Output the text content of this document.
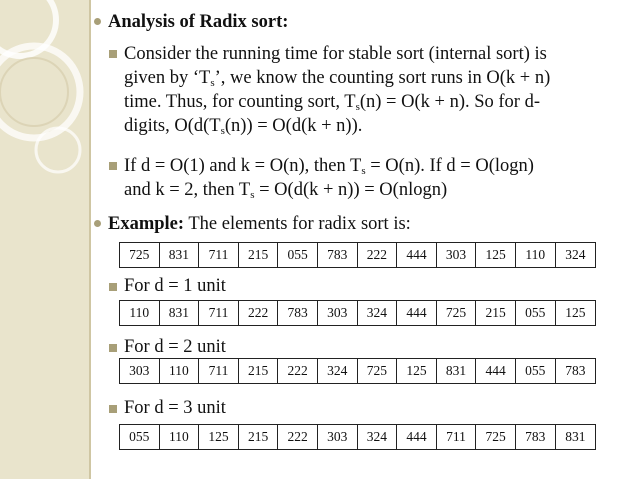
Analysis of Radix sort:
Consider the running time for stable sort (internal sort) is
given by ‘$T_s$’, we know the counting sort runs in O(k + n)
time. Thus, for counting sort, $T_s(n) = O(k + n)$. So for d-
digits, $O(d(T_s(n)) = O(d(k + n))$.
If d = O(1) and k = O(n), then $T_s = O(n)$. If d = O(logn)
and k = 2, then $T_s = O(d(k + n)) = O(nlogn)$
Example: The elements for radix sort is:
725	831	711	215	055	783	222	444	303	125	110	324
For d = 1 unit
110	831	711	222	783	303	324	444	725	215	055	125
For d = 2 unit
303	110	711	215	222	324	725	125	831	444	055	783
For d = 3 unit
055	110	125	215	222	303	324	444	711	725	783	831
